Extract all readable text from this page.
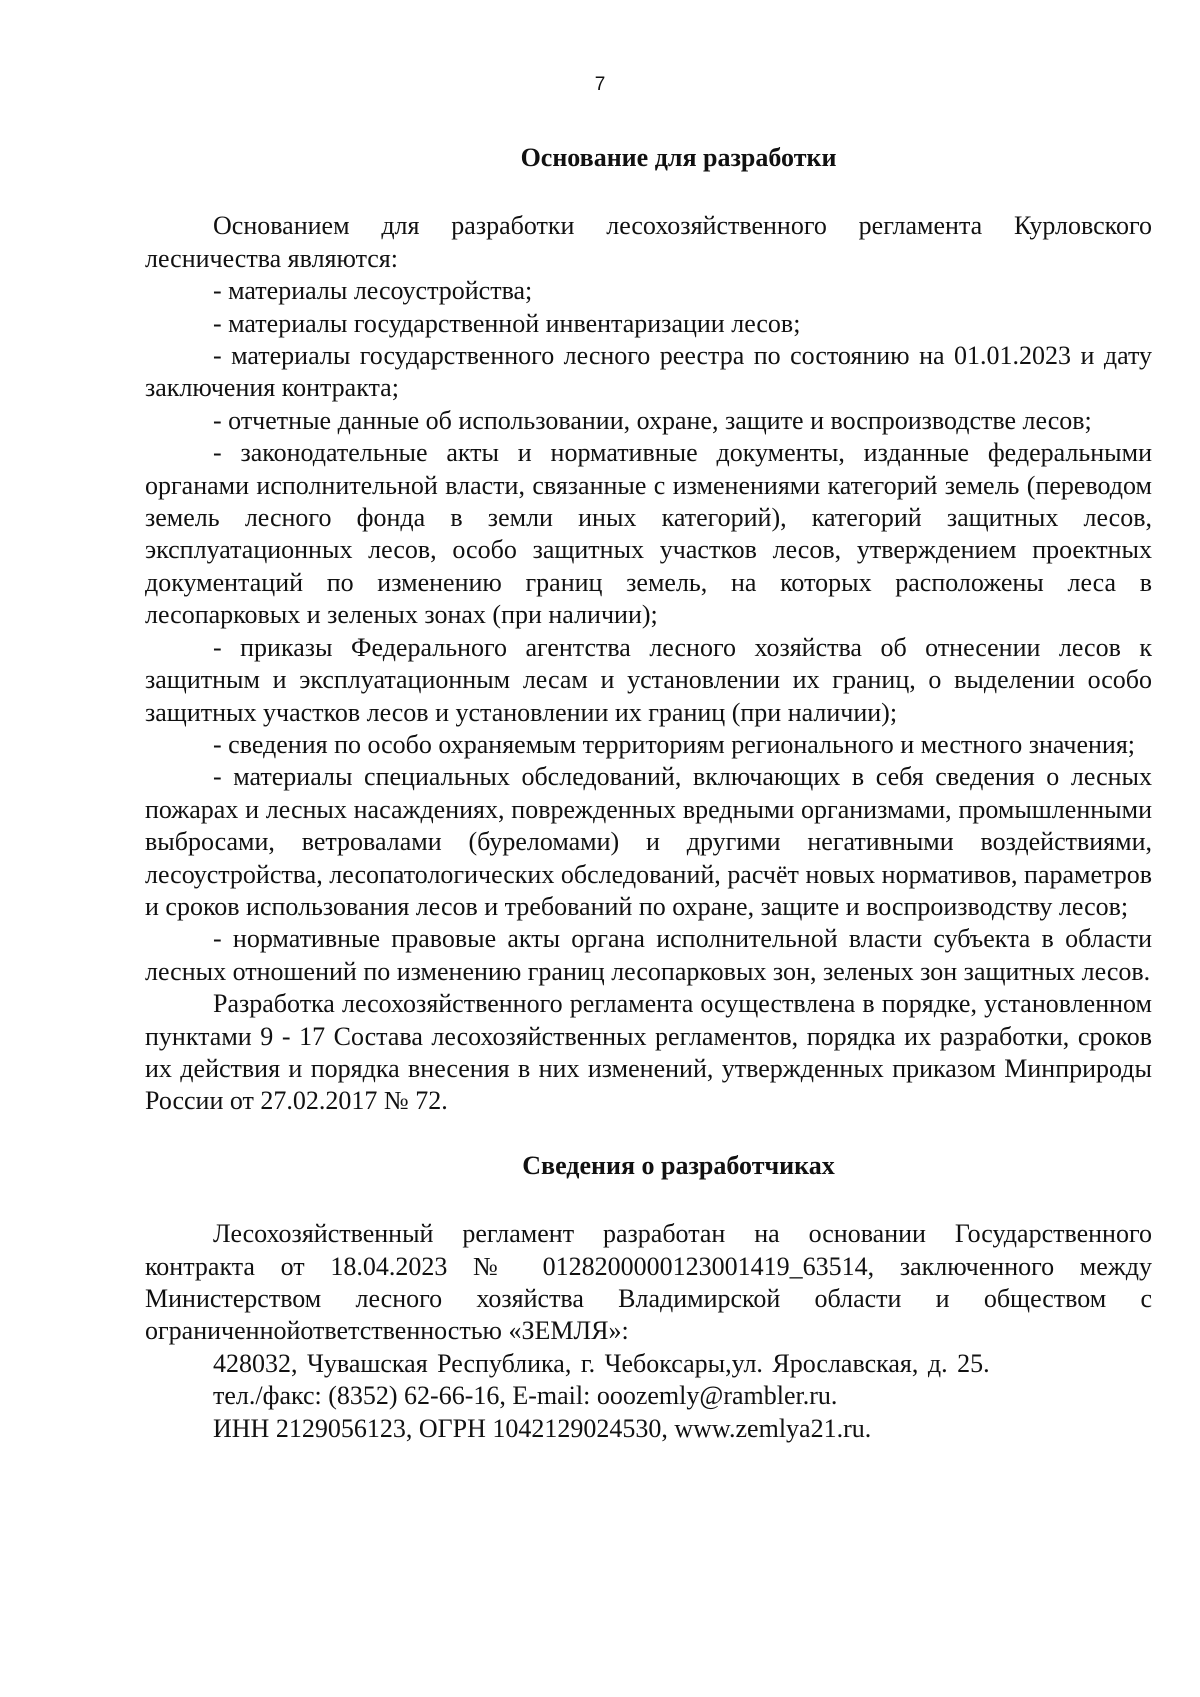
7
Основание для разработки

Основанием для разработки лесохозяйственного регламента Курловского лесничества являются:

- материалы лесоустройства;

- материалы государственной инвентаризации лесов;

- материалы государственного лесного реестра по состоянию на 01.01.2023 и дату заключения контракта;

- отчетные данные об использовании, охране, защите и воспроизводстве лесов;

- законодательные акты и нормативные документы, изданные федеральными органами исполнительной власти, связанные с изменениями категорий земель (переводом земель лесного фонда в земли иных категорий), категорий защитных лесов, эксплуатационных лесов, особо защитных участков лесов, утверждением проектных документаций по изменению границ земель, на которых расположены леса в лесопарковых и зеленых зонах (при наличии);

- приказы Федерального агентства лесного хозяйства об отнесении лесов к защитным и эксплуатационным лесам и установлении их границ, о выделении особо защитных участков лесов и установлении их границ (при наличии);

- сведения по особо охраняемым территориям регионального и местного значения;

- материалы специальных обследований, включающих в себя сведения о лесных пожарах и лесных насаждениях, поврежденных вредными организмами, промышленными выбросами, ветровалами (буреломами) и другими негативными воздействиями, лесоустройства, лесопатологических обследований, расчёт новых нормативов, параметров и сроков использования лесов и требований по охране, защите и воспроизводству лесов;

- нормативные правовые акты органа исполнительной власти субъекта в области лесных отношений по изменению границ лесопарковых зон, зеленых зон защитных лесов.

Разработка лесохозяйственного регламента осуществлена в порядке, установленном пунктами 9 - 17 Состава лесохозяйственных регламентов, порядка их разработки, сроков их действия и порядка внесения в них изменений, утвержденных приказом Минприроды России от 27.02.2017 № 72.

Сведения о разработчиках

Лесохозяйственный регламент разработан на основании Государственного контракта от 18.04.2023 № 0128200000123001419_63514, заключенного между Министерством лесного хозяйства Владимирской области и обществом с ограниченнойответственностью «ЗЕМЛЯ»:

428032, Чувашская Республика, г. Чебоксары,ул. Ярославская, д. 25.
тел./факс: (8352) 62-66-16, E-mail: ooozemly@rambler.ru.
ИНН 2129056123, ОГРН 1042129024530, www.zemlya21.ru.
